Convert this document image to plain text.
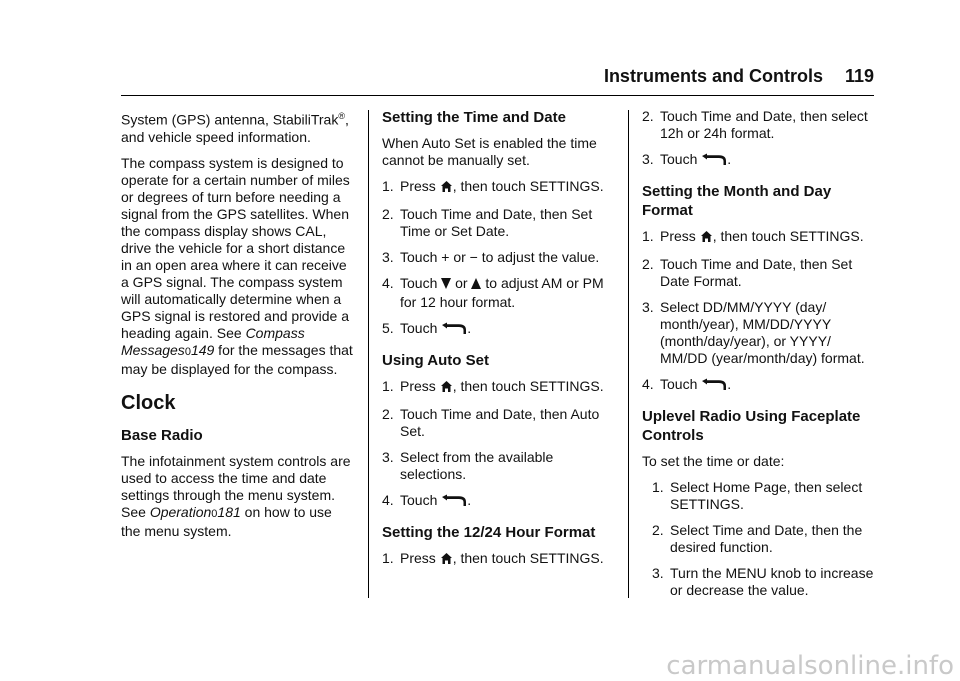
Instruments and Controls 119

System (GPS) antenna, StabiliTrak®, and vehicle speed information.

The compass system is designed to operate for a certain number of miles or degrees of turn before needing a signal from the GPS satellites. When the compass display shows CAL, drive the vehicle for a short distance in an open area where it can receive a GPS signal. The compass system will automatically determine when a GPS signal is restored and provide a heading again. See Compass Messages0149 for the messages that may be displayed for the compass.

Clock
Base Radio

The infotainment system controls are used to access the time and date settings through the menu system. See Operation0181 on how to use the menu system.

Setting the Time and Date

When Auto Set is enabled the time cannot be manually set.

1. Press , then touch SETTINGS.
2. Touch Time and Date, then Set Time or Set Date.
3. Touch + or − to adjust the value.
4. Touch  or  to adjust AM or PM for 12 hour format.
5. Touch .
Using Auto Set
1. Press , then touch SETTINGS.
2. Touch Time and Date, then Auto Set.
3. Select from the available selections.
4. Touch .
Setting the 12/24 Hour Format
1. Press , then touch SETTINGS.
2. Touch Time and Date, then select 12h or 24h format.
3. Touch .
Setting the Month and Day Format
1. Press , then touch SETTINGS.
2. Touch Time and Date, then Set Date Format.
3. Select DD/MM/YYYY (day/ month/year), MM/DD/YYYY (month/day/year), or YYYY/ MM/DD (year/month/day) format.
4. Touch .
Uplevel Radio Using Faceplate Controls

To set the time or date:

1. Select Home Page, then select SETTINGS.
2. Select Time and Date, then the desired function.
3. Turn the MENU knob to increase or decrease the value.
carmanualsonline.info
